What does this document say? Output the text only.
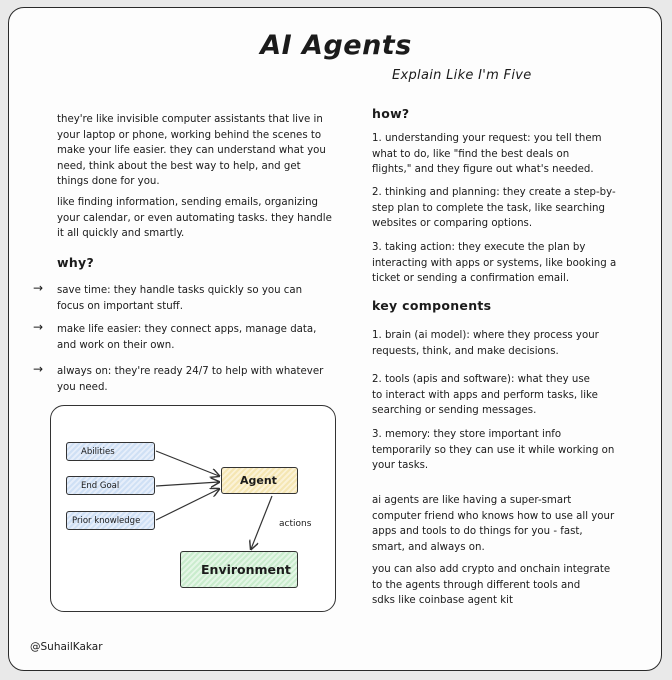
AI Agents
Explain Like I'm Five
they're like invisible computer assistants that live in
your laptop or phone, working behind the scenes to
make your life easier. they can understand what you
need, think about the best way to help, and get
things done for you.
like finding information, sending emails, organizing
your calendar, or even automating tasks. they handle
it all quickly and smartly.
why?
→ save time: they handle tasks quickly so you can
focus on important stuff.
→ make life easier: they connect apps, manage data,
and work on their own.
→ always on: they're ready 24/7 to help with whatever
you need.
Abilities
End Goal
Prior knowledge
Agent
Environment
actions
how?
1. understanding your request: you tell them
what to do, like "find the best deals on
flights," and they figure out what's needed.
2. thinking and planning: they create a step-by-
step plan to complete the task, like searching
websites or comparing options.
3. taking action: they execute the plan by
interacting with apps or systems, like booking a
ticket or sending a confirmation email.
key components
1. brain (ai model): where they process your
requests, think, and make decisions.
2. tools (apis and software): what they use
to interact with apps and perform tasks, like
searching or sending messages.
3. memory: they store important info
temporarily so they can use it while working on
your tasks.
ai agents are like having a super-smart
computer friend who knows how to use all your
apps and tools to do things for you - fast,
smart, and always on.
you can also add crypto and onchain integrate
to the agents through different tools and
sdks like coinbase agent kit
@SuhailKakar
